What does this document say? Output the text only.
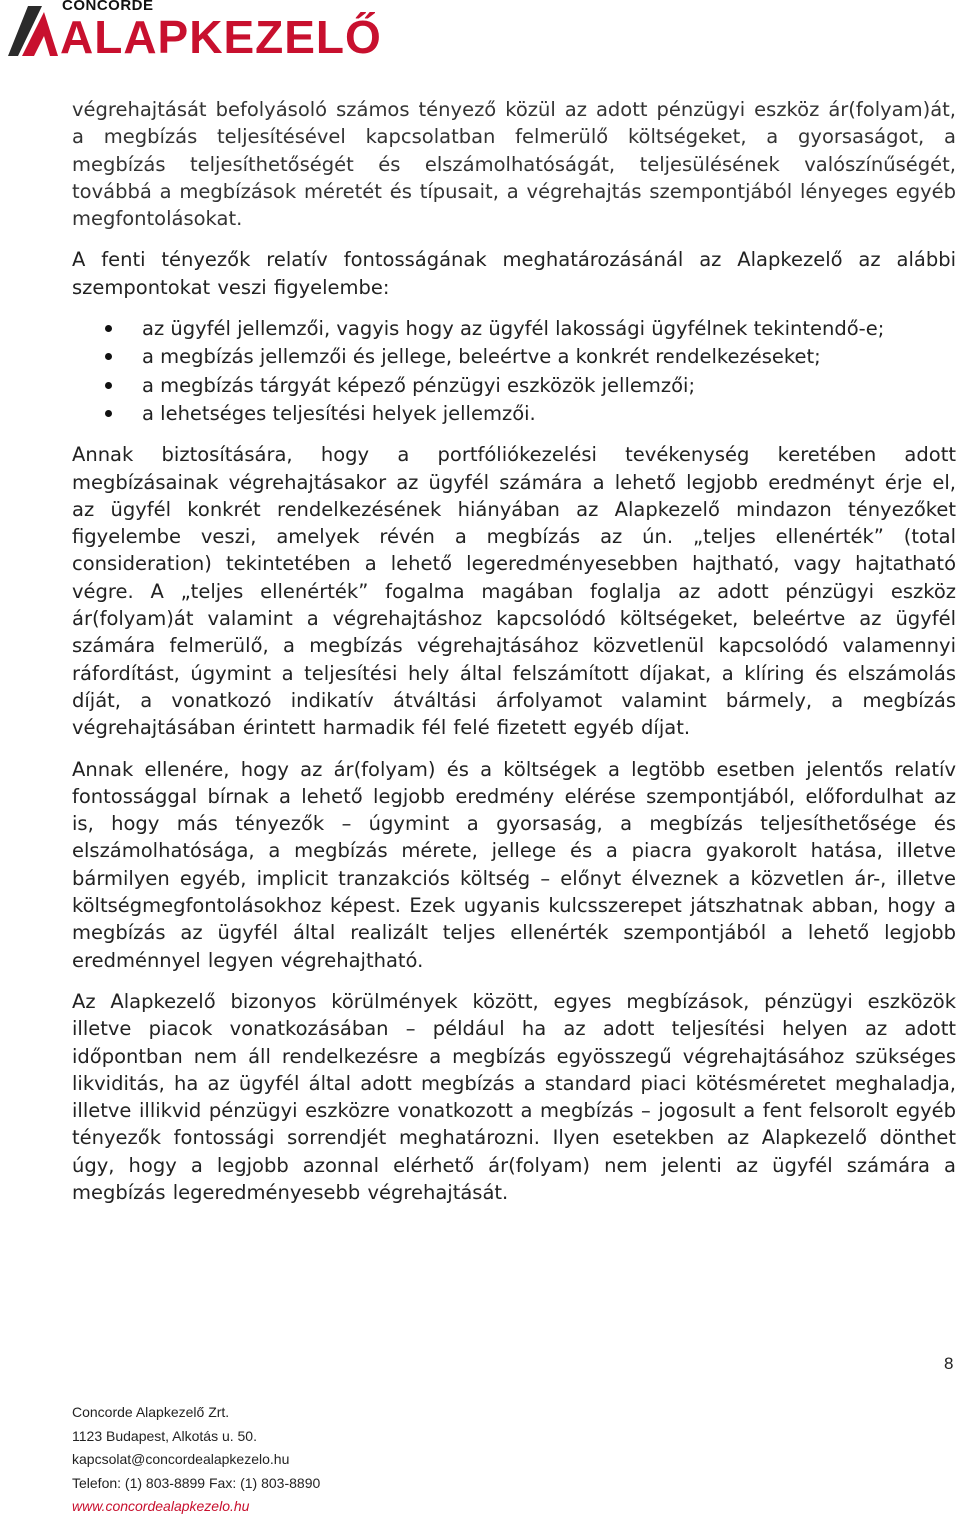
CONCORDE
ALAPKEZELŐ

végrehajtását befolyásoló számos tényező közül az adott pénzügyi eszköz ár(folyam)át, a megbízás teljesítésével kapcsolatban felmerülő költségeket, a gyorsaságot, a megbízás teljesíthetőségét és elszámolhatóságát, teljesülésének valószínűségét, továbbá a megbízások méretét és típusait, a végrehajtás szempontjából lényeges egyéb megfontolásokat.

A fenti tényezők relatív fontosságának meghatározásánál az Alapkezelő az alábbi szempontokat veszi figyelembe:

az ügyfél jellemzői, vagyis hogy az ügyfél lakossági ügyfélnek tekintendő-e;
a megbízás jellemzői és jellege, beleértve a konkrét rendelkezéseket;
a megbízás tárgyát képező pénzügyi eszközök jellemzői;
a lehetséges teljesítési helyek jellemzői.

Annak biztosítására, hogy a portfóliókezelési tevékenység keretében adott megbízásainak végrehajtásakor az ügyfél számára a lehető legjobb eredményt érje el, az ügyfél konkrét rendelkezésének hiányában az Alapkezelő mindazon tényezőket figyelembe veszi, amelyek révén a megbízás az ún. „teljes ellenérték” (total consideration) tekintetében a lehető legeredményesebben hajtható, vagy hajtatható végre. A „teljes ellenérték” fogalma magában foglalja az adott pénzügyi eszköz ár(folyam)át valamint a végrehajtáshoz kapcsolódó költségeket, beleértve az ügyfél számára felmerülő, a megbízás végrehajtásához közvetlenül kapcsolódó valamennyi ráfordítást, úgymint a teljesítési hely által felszámított díjakat, a klíring és elszámolás díját, a vonatkozó indikatív átváltási árfolyamot valamint bármely, a megbízás végrehajtásában érintett harmadik fél felé fizetett egyéb díjat.

Annak ellenére, hogy az ár(folyam) és a költségek a legtöbb esetben jelentős relatív fontossággal bírnak a lehető legjobb eredmény elérése szempontjából, előfordulhat az is, hogy más tényezők – úgymint a gyorsaság, a megbízás teljesíthetősége és elszámolhatósága, a megbízás mérete, jellege és a piacra gyakorolt hatása, illetve bármilyen egyéb, implicit tranzakciós költség – előnyt élveznek a közvetlen ár-, illetve költségmegfontolásokhoz képest. Ezek ugyanis kulcsszerepet játszhatnak abban, hogy a megbízás az ügyfél által realizált teljes ellenérték szempontjából a lehető legjobb eredménnyel legyen végrehajtható.

Az Alapkezelő bizonyos körülmények között, egyes megbízások, pénzügyi eszközök illetve piacok vonatkozásában – például ha az adott teljesítési helyen az adott időpontban nem áll rendelkezésre a megbízás egyösszegű végrehajtásához szükséges likviditás, ha az ügyfél által adott megbízás a standard piaci kötésméretet meghaladja, illetve illikvid pénzügyi eszközre vonatkozott a megbízás – jogosult a fent felsorolt egyéb tényezők fontossági sorrendjét meghatározni. Ilyen esetekben az Alapkezelő dönthet úgy, hogy a legjobb azonnal elérhető ár(folyam) nem jelenti az ügyfél számára a megbízás legeredményesebb végrehajtását.

8
Concorde Alapkezelő Zrt.
1123 Budapest, Alkotás u. 50.
kapcsolat@concordealapkezelo.hu
Telefon: (1) 803-8899 Fax: (1) 803-8890
www.concordealapkezelo.hu
